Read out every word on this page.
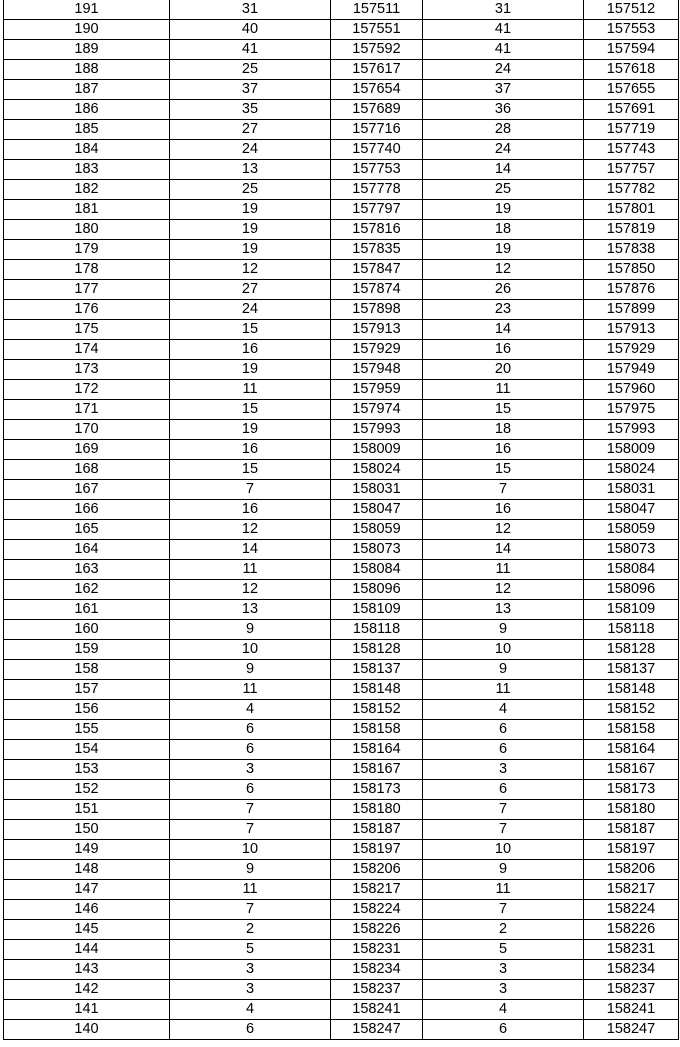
191	31	157511	31	157512
190	40	157551	41	157553
189	41	157592	41	157594
188	25	157617	24	157618
187	37	157654	37	157655
186	35	157689	36	157691
185	27	157716	28	157719
184	24	157740	24	157743
183	13	157753	14	157757
182	25	157778	25	157782
181	19	157797	19	157801
180	19	157816	18	157819
179	19	157835	19	157838
178	12	157847	12	157850
177	27	157874	26	157876
176	24	157898	23	157899
175	15	157913	14	157913
174	16	157929	16	157929
173	19	157948	20	157949
172	11	157959	11	157960
171	15	157974	15	157975
170	19	157993	18	157993
169	16	158009	16	158009
168	15	158024	15	158024
167	7	158031	7	158031
166	16	158047	16	158047
165	12	158059	12	158059
164	14	158073	14	158073
163	11	158084	11	158084
162	12	158096	12	158096
161	13	158109	13	158109
160	9	158118	9	158118
159	10	158128	10	158128
158	9	158137	9	158137
157	11	158148	11	158148
156	4	158152	4	158152
155	6	158158	6	158158
154	6	158164	6	158164
153	3	158167	3	158167
152	6	158173	6	158173
151	7	158180	7	158180
150	7	158187	7	158187
149	10	158197	10	158197
148	9	158206	9	158206
147	11	158217	11	158217
146	7	158224	7	158224
145	2	158226	2	158226
144	5	158231	5	158231
143	3	158234	3	158234
142	3	158237	3	158237
141	4	158241	4	158241
140	6	158247	6	158247
